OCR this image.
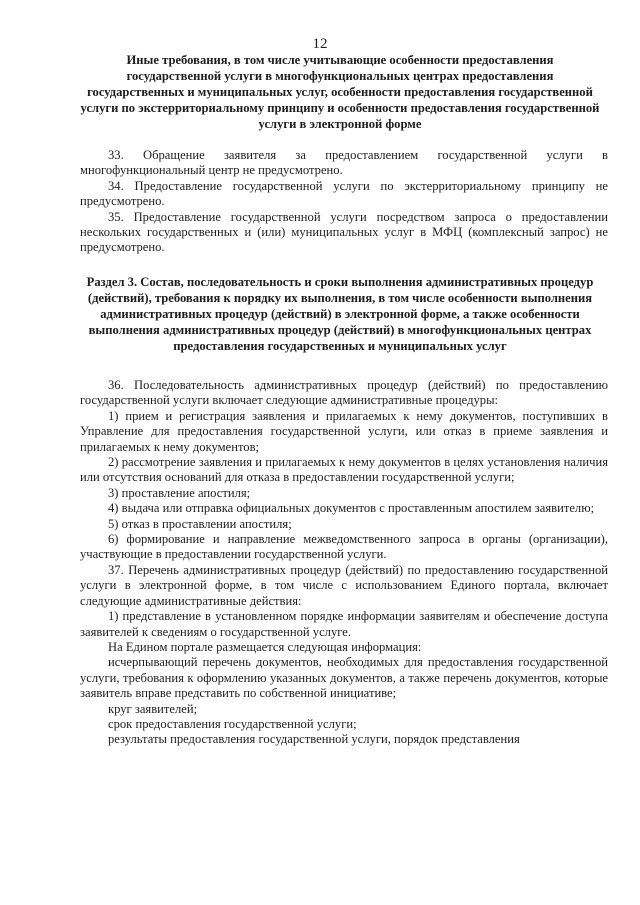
12
Иные требования, в том числе учитывающие особенности предоставления государственной услуги в многофункциональных центрах предоставления государственных и муниципальных услуг, особенности предоставления государственной услуги по экстерриториальному принципу и особенности предоставления государственной услуги в электронной форме

33. Обращение заявителя за предоставлением государственной услуги в многофункциональный центр не предусмотрено.

34. Предоставление государственной услуги по экстерриториальному принципу не предусмотрено.

35. Предоставление государственной услуги посредством запроса о предоставлении нескольких государственных и (или) муниципальных услуг в МФЦ (комплексный запрос) не предусмотрено.

Раздел 3. Состав, последовательность и сроки выполнения административных процедур (действий), требования к порядку их выполнения, в том числе особенности выполнения административных процедур (действий) в электронной форме, а также особенности выполнения административных процедур (действий) в многофункциональных центрах предоставления государственных и муниципальных услуг

36. Последовательность административных процедур (действий) по предоставлению государственной услуги включает следующие административные процедуры:

1) прием и регистрация заявления и прилагаемых к нему документов, поступивших в Управление для предоставления государственной услуги, или отказ в приеме заявления и прилагаемых к нему документов;

2) рассмотрение заявления и прилагаемых к нему документов в целях установления наличия или отсутствия оснований для отказа в предоставлении государственной услуги;

3) проставление апостиля;

4) выдача или отправка официальных документов с проставленным апостилем заявителю;

5) отказ в проставлении апостиля;

6) формирование и направление межведомственного запроса в органы (организации), участвующие в предоставлении государственной услуги.

37. Перечень административных процедур (действий) по предоставлению государственной услуги в электронной форме, в том числе с использованием Единого портала, включает следующие административные действия:

1) представление в установленном порядке информации заявителям и обеспечение доступа заявителей к сведениям о государственной услуге.

На Едином портале размещается следующая информация:

исчерпывающий перечень документов, необходимых для предоставления государственной услуги, требования к оформлению указанных документов, а также перечень документов, которые заявитель вправе представить по собственной инициативе;

круг заявителей;

срок предоставления государственной услуги;

результаты предоставления государственной услуги, порядок представления
